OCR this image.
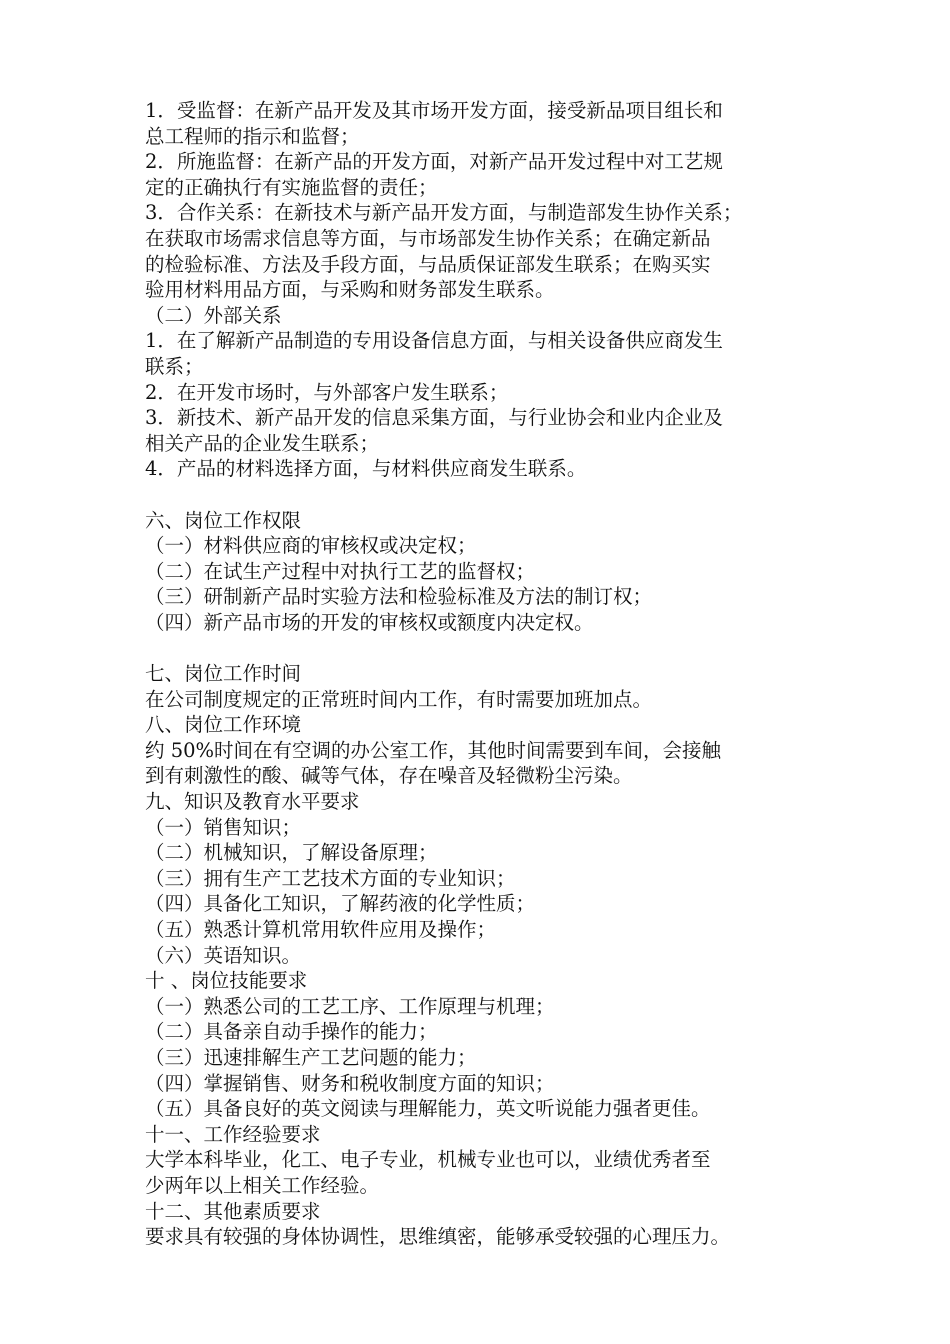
1．受监督：在新产品开发及其市场开发方面，接受新品项目组长和
总工程师的指示和监督；
2．所施监督：在新产品的开发方面，对新产品开发过程中对工艺规
定的正确执行有实施监督的责任；
3．合作关系：在新技术与新产品开发方面，与制造部发生协作关系；
在获取市场需求信息等方面，与市场部发生协作关系；在确定新品
的检验标准、方法及手段方面，与品质保证部发生联系；在购买实
验用材料用品方面，与采购和财务部发生联系。
（二）外部关系
1．在了解新产品制造的专用设备信息方面，与相关设备供应商发生
联系；
2．在开发市场时，与外部客户发生联系；
3．新技术、新产品开发的信息采集方面，与行业协会和业内企业及
相关产品的企业发生联系；
4．产品的材料选择方面，与材料供应商发生联系。
六、岗位工作权限
（一）材料供应商的审核权或决定权；
（二）在试生产过程中对执行工艺的监督权；
（三）研制新产品时实验方法和检验标准及方法的制订权；
（四）新产品市场的开发的审核权或额度内决定权。
七、岗位工作时间
在公司制度规定的正常班时间内工作，有时需要加班加点。
八、岗位工作环境
约 50%时间在有空调的办公室工作，其他时间需要到车间，会接触
到有刺激性的酸、碱等气体，存在噪音及轻微粉尘污染。
九、知识及教育水平要求
（一）销售知识；
（二）机械知识，了解设备原理；
（三）拥有生产工艺技术方面的专业知识；
（四）具备化工知识，了解药液的化学性质；
（五）熟悉计算机常用软件应用及操作；
（六）英语知识。
十 、岗位技能要求
（一）熟悉公司的工艺工序、工作原理与机理；
（二）具备亲自动手操作的能力；
（三）迅速排解生产工艺问题的能力；
（四）掌握销售、财务和税收制度方面的知识；
（五）具备良好的英文阅读与理解能力，英文听说能力强者更佳。
十一、工作经验要求
大学本科毕业，化工、电子专业，机械专业也可以，业绩优秀者至
少两年以上相关工作经验。
十二、其他素质要求
要求具有较强的身体协调性，思维缜密，能够承受较强的心理压力。
